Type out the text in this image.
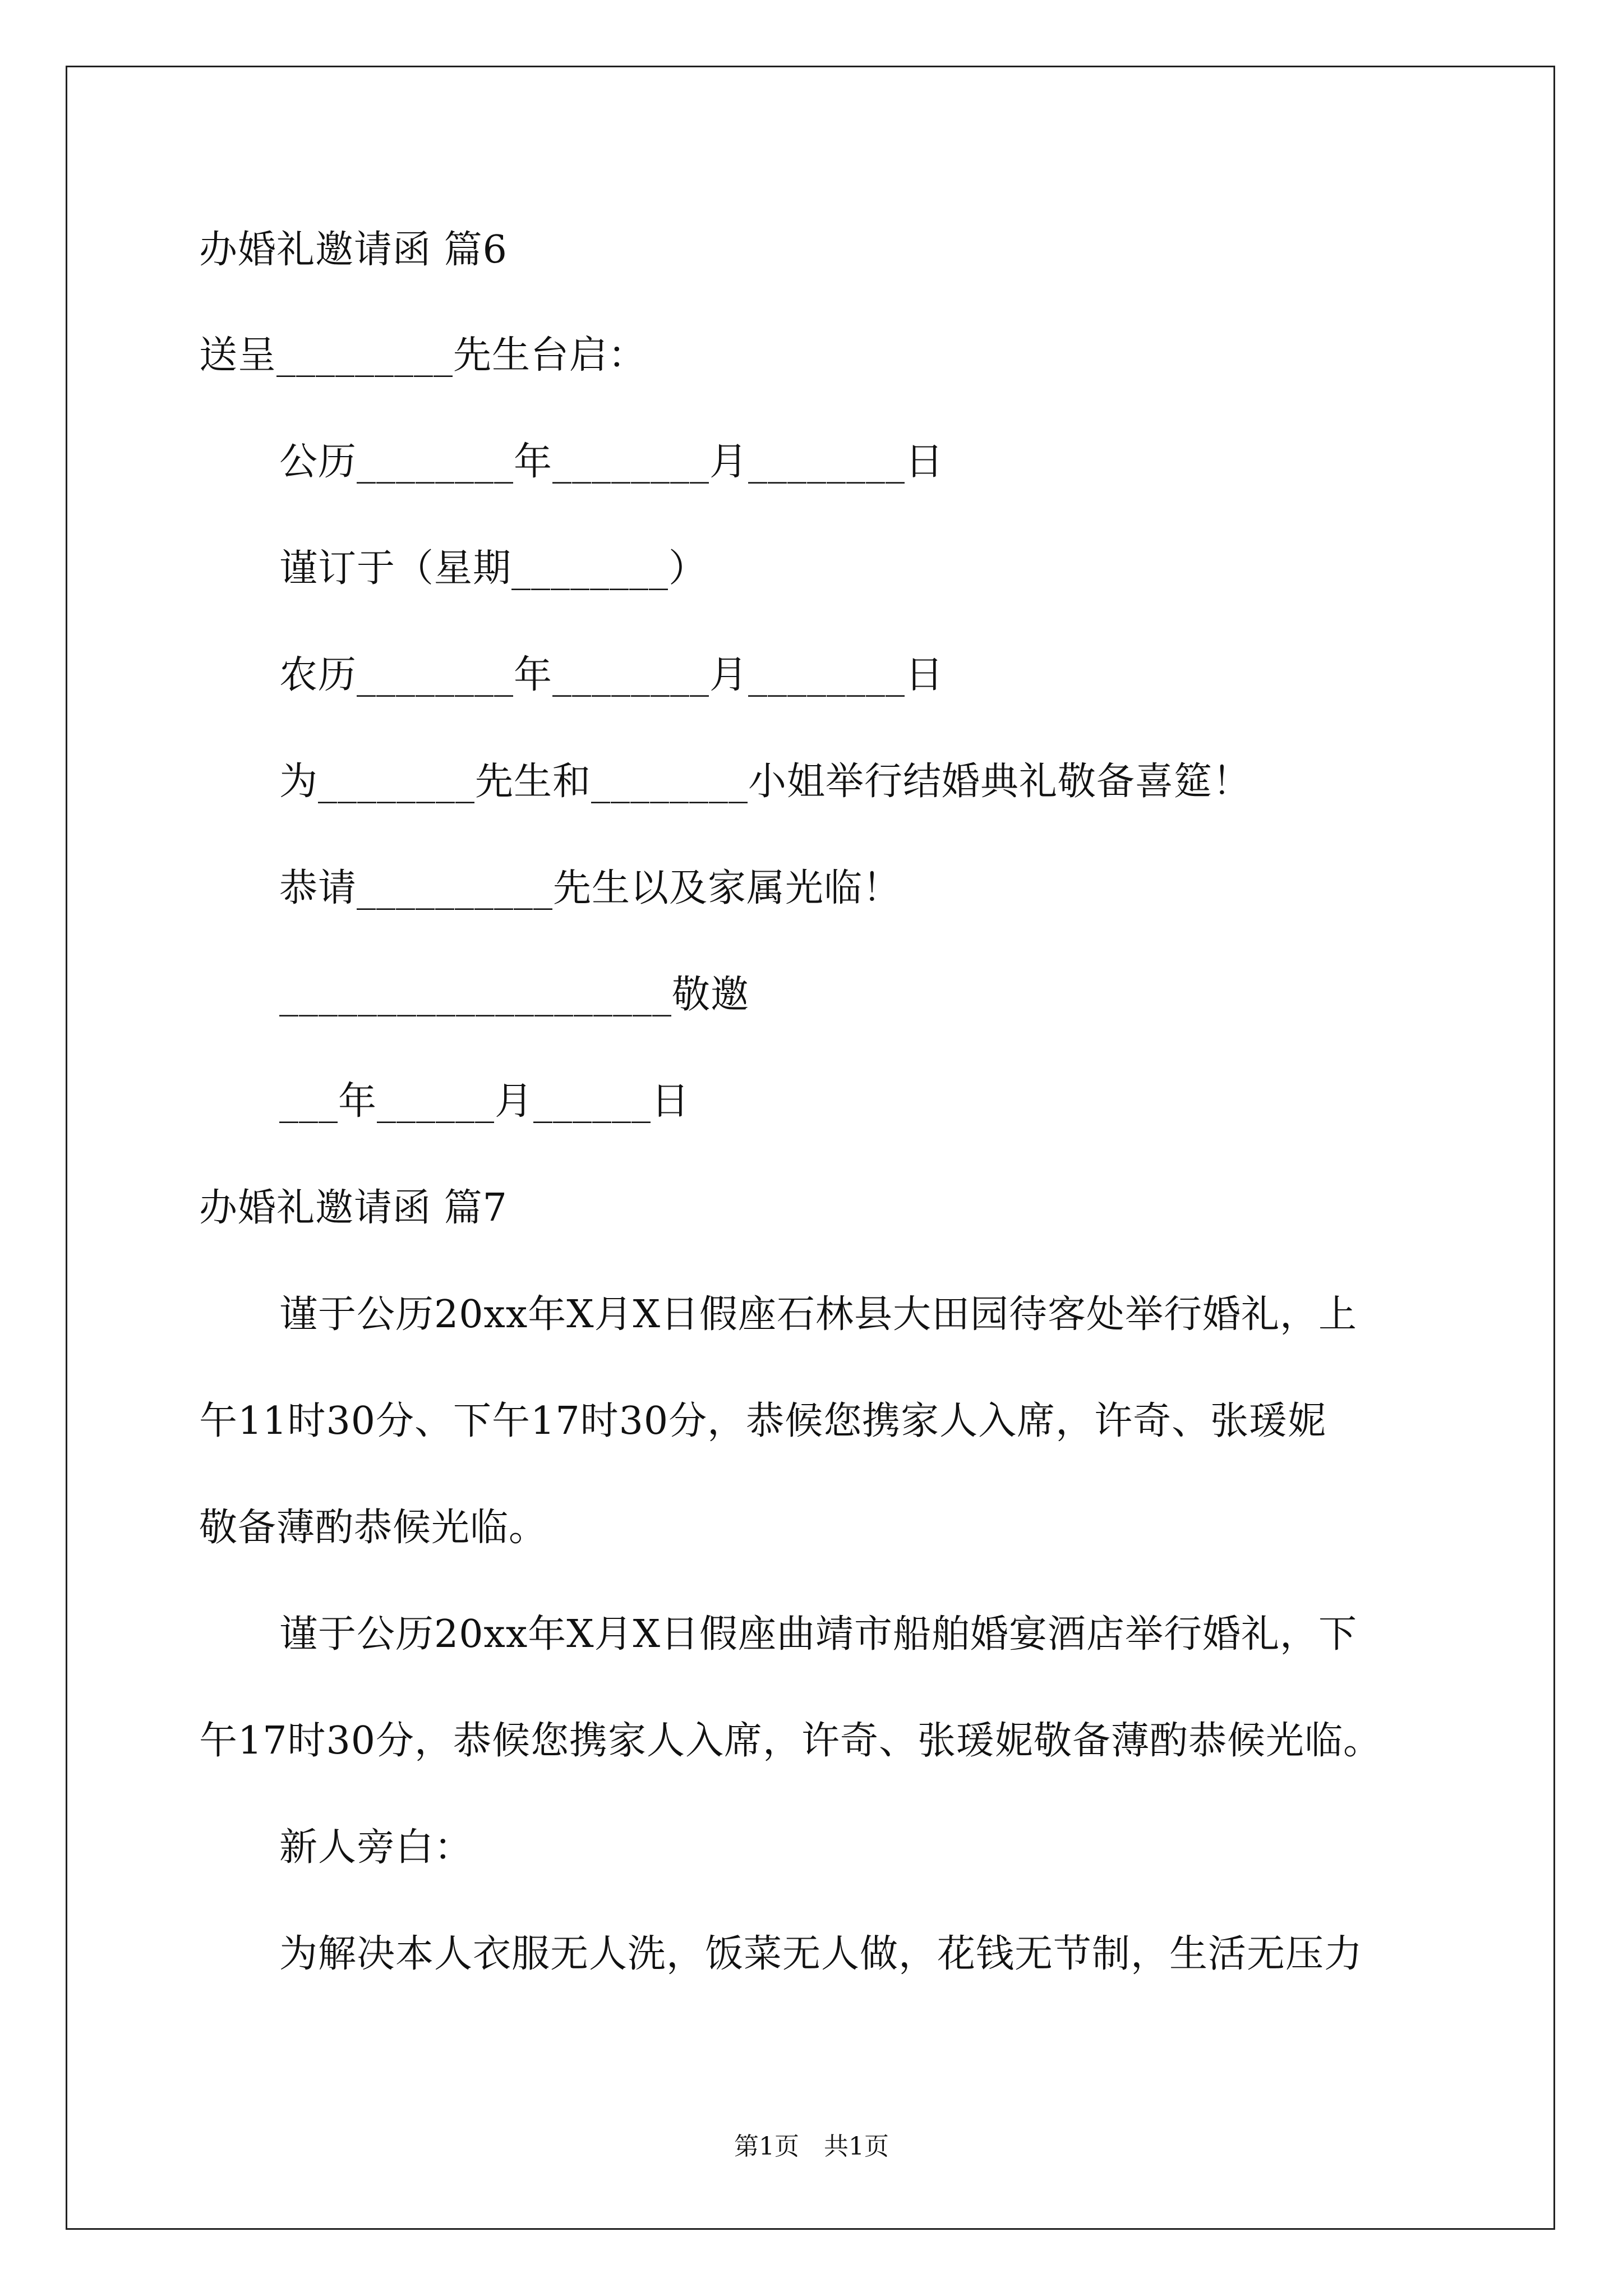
办婚礼邀请函 篇6
送呈_________先生台启：
公历________年________月________日
谨订于（星期________）
农历________年________月________日
为________先生和________小姐举行结婚典礼敬备喜筵！
恭请__________先生以及家属光临！
____________________敬邀
___年______月______日
办婚礼邀请函 篇7
谨于公历20xx年X月X日假座石林县大田园待客处举行婚礼，上
午11时30分、下午17时30分，恭候您携家人入席，许奇、张瑗妮
敬备薄酌恭候光临。
谨于公历20xx年X月X日假座曲靖市船舶婚宴酒店举行婚礼，下
午17时30分，恭候您携家人入席，许奇、张瑗妮敬备薄酌恭候光临。
新人旁白：
为解决本人衣服无人洗，饭菜无人做，花钱无节制，生活无压力
第1页　共1页
